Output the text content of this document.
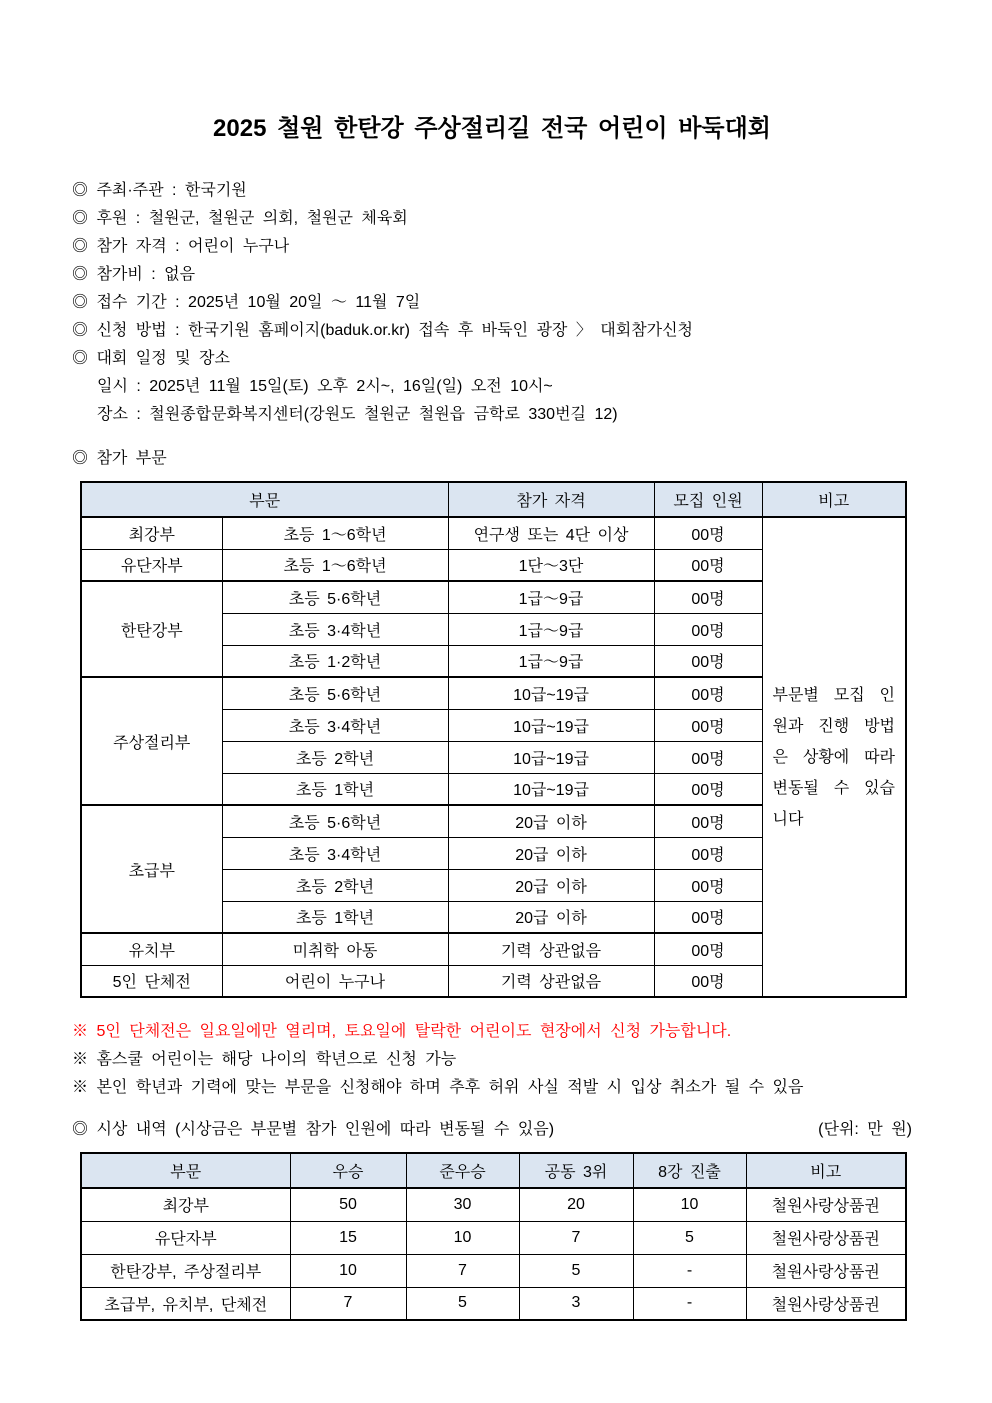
2025 철원 한탄강 주상절리길 전국 어린이 바둑대회
◎ 주최·주관 : 한국기원
◎ 후원 : 철원군, 철원군 의회, 철원군 체육회
◎ 참가 자격 : 어린이 누구나
◎ 참가비 : 없음
◎ 접수 기간 : 2025년 10월 20일 ～ 11월 7일
◎ 신청 방법 : 한국기원 홈페이지(baduk.or.kr) 접속 후 바둑인 광장 〉 대회참가신청
◎ 대회 일정 및 장소
일시 : 2025년 11월 15일(토) 오후 2시~, 16일(일) 오전 10시~
장소 : 철원종합문화복지센터(강원도 철원군 철원읍 금학로 330번길 12)
◎ 참가 부문
부문		참가 자격	모집 인원	비고
최강부	초등 1～6학년	연구생 또는 4단 이상	00명	부문별 모집 인원과 진행 방법은 상황에 따라 변동될 수 있습니다
유단자부	초등 1～6학년	1단～3단	00명	
한탄강부	초등 5·6학년	1급～9급	00명	
	초등 3·4학년	1급～9급	00명	
	초등 1·2학년	1급～9급	00명	
주상절리부	초등 5·6학년	10급~19급	00명	
	초등 3·4학년	10급~19급	00명	
	초등 2학년	10급~19급	00명	
	초등 1학년	10급~19급	00명	
초급부	초등 5·6학년	20급 이하	00명	
	초등 3·4학년	20급 이하	00명	
	초등 2학년	20급 이하	00명	
	초등 1학년	20급 이하	00명	
유치부	미취학 아동	기력 상관없음	00명	
5인 단체전	어린이 누구나	기력 상관없음	00명	
※ 5인 단체전은 일요일에만 열리며, 토요일에 탈락한 어린이도 현장에서 신청 가능합니다.
※ 홈스쿨 어린이는 해당 나이의 학년으로 신청 가능
※ 본인 학년과 기력에 맞는 부문을 신청해야 하며 추후 허위 사실 적발 시 입상 취소가 될 수 있음
◎ 시상 내역 (시상금은 부문별 참가 인원에 따라 변동될 수 있음)	(단위: 만 원)
부문	우승	준우승	공동 3위	8강 진출	비고
최강부	50	30	20	10	철원사랑상품권
유단자부	15	10	7	5	철원사랑상품권
한탄강부, 주상절리부	10	7	5	-	철원사랑상품권
초급부, 유치부, 단체전	7	5	3	-	철원사랑상품권
